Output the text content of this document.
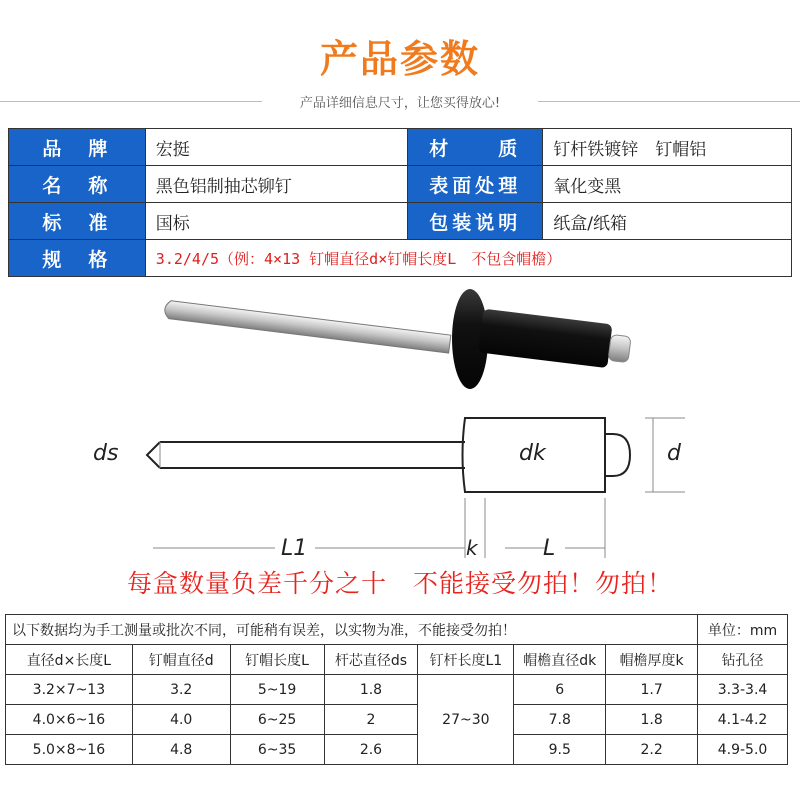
产品参数
产品详细信息尺寸，让您买得放心!
品　牌	宏挺	材　　质	钉杆铁镀锌　钉帽铝
名　称	黑色铝制抽芯铆钉	表面处理	氧化变黑
标　准	国标	包装说明	纸盒/纸箱
规　格	3.2/4/5（例：4×13 钉帽直径d×钉帽长度L　不包含帽檐）		
ds	dk	d
L1	k	L
每盒数量负差千分之十　不能接受勿拍！勿拍！
以下数据均为手工测量或批次不同，可能稍有误差，以实物为准，不能接受勿拍！							单位：mm
直径d×长度L	钉帽直径d	钉帽长度L	杆芯直径ds	钉杆长度L1	帽檐直径dk	帽檐厚度k	钻孔径
3.2×7~13	3.2	5~19	1.8	27~30	6	1.7	3.3-3.4
4.0×6~16	4.0	6~25	2		7.8	1.8	4.1-4.2
5.0×8~16	4.8	6~35	2.6		9.5	2.2	4.9-5.0
